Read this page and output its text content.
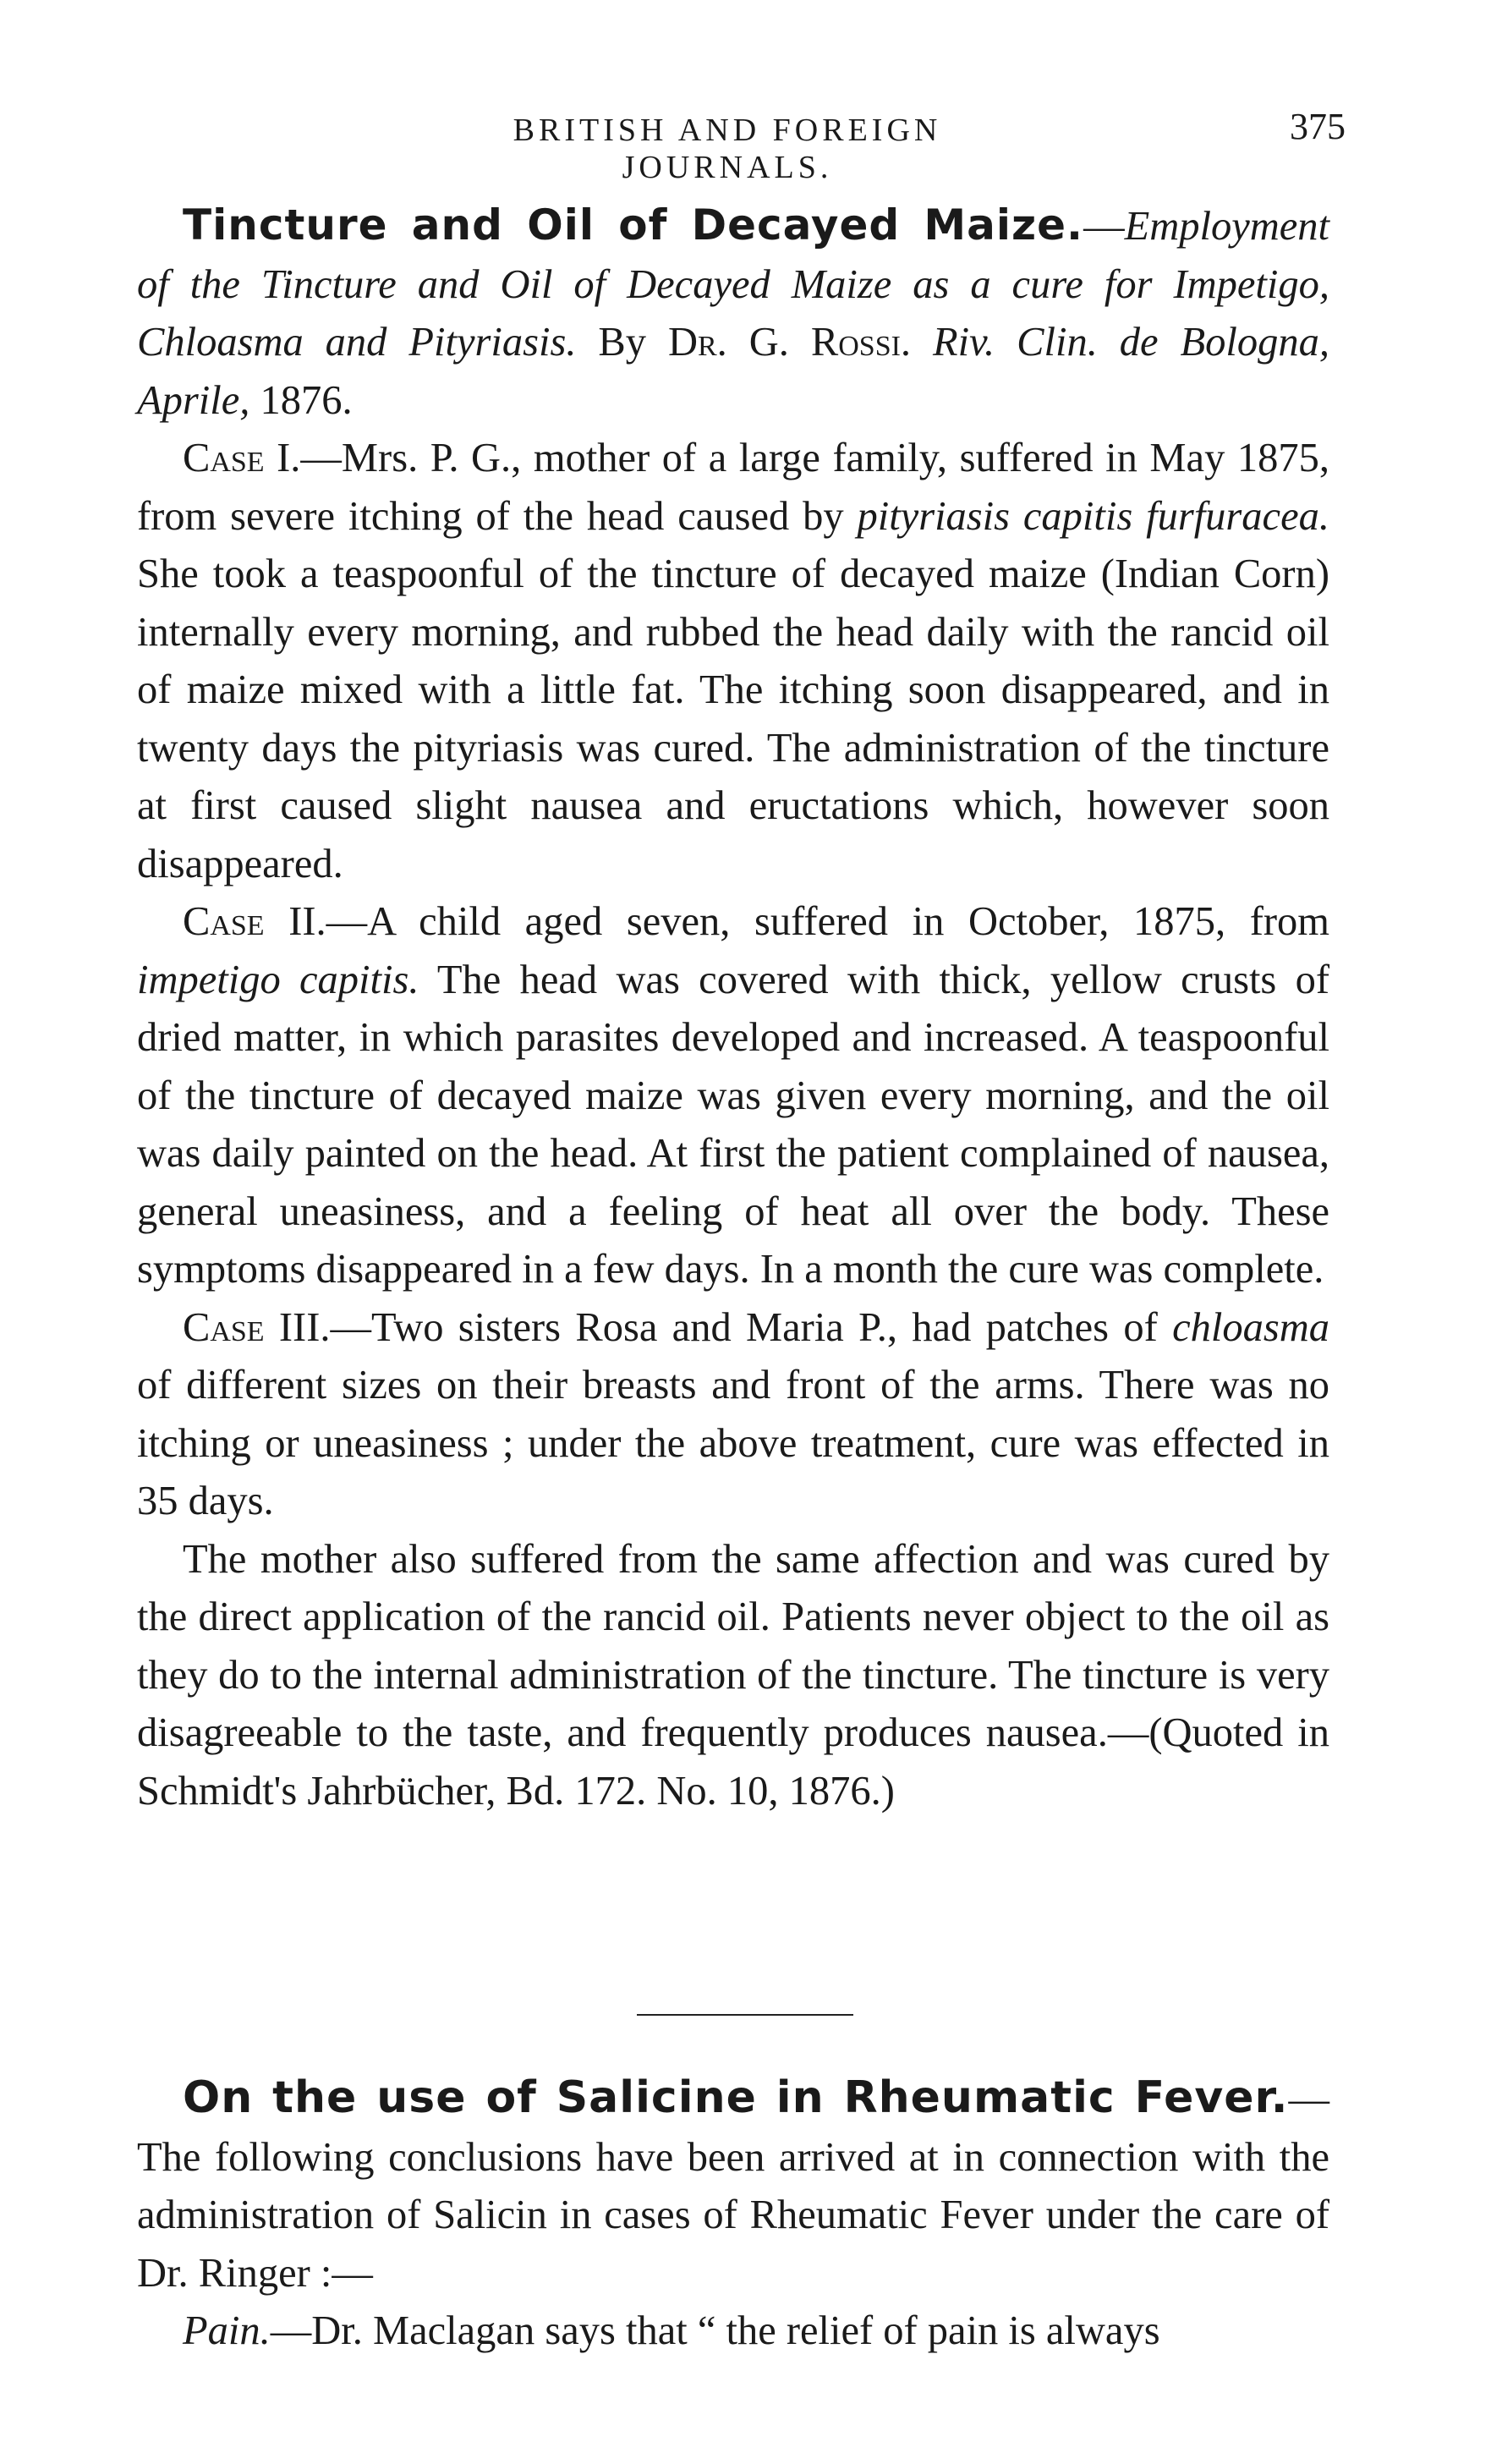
BRITISH AND FOREIGN JOURNALS.
375

Tincture and Oil of Decayed Maize.—Employment of the Tincture and Oil of Decayed Maize as a cure for Impetigo, Chloasma and Pityriasis. By Dr. G. Rossi. Riv. Clin. de Bologna, Aprile, 1876.

Case I.—Mrs. P. G., mother of a large family, suffered in May 1875, from severe itching of the head caused by pityriasis capitis furfuracea. She took a teaspoonful of the tincture of decayed maize (Indian Corn) internally every morning, and rubbed the head daily with the rancid oil of maize mixed with a little fat. The itching soon disappeared, and in twenty days the pityriasis was cured. The administration of the tincture at first caused slight nausea and eructations which, however soon disappeared.

Case II.—A child aged seven, suffered in October, 1875, from impetigo capitis. The head was covered with thick, yellow crusts of dried matter, in which parasites developed and increased. A teaspoonful of the tincture of decayed maize was given every morning, and the oil was daily painted on the head. At first the patient complained of nausea, general uneasiness, and a feeling of heat all over the body. These symptoms disappeared in a few days. In a month the cure was complete.

Case III.—Two sisters Rosa and Maria P., had patches of chloasma of different sizes on their breasts and front of the arms. There was no itching or uneasiness ; under the above treatment, cure was effected in 35 days.

The mother also suffered from the same affection and was cured by the direct application of the rancid oil. Patients never object to the oil as they do to the internal administration of the tincture. The tincture is very disagreeable to the taste, and frequently produces nausea.—(Quoted in Schmidt's Jahrbücher, Bd. 172. No. 10, 1876.)

On the use of Salicine in Rheumatic Fever.—The following conclusions have been arrived at in connection with the administration of Salicin in cases of Rheumatic Fever under the care of Dr. Ringer :—

Pain.—Dr. Maclagan says that “ the relief of pain is always
